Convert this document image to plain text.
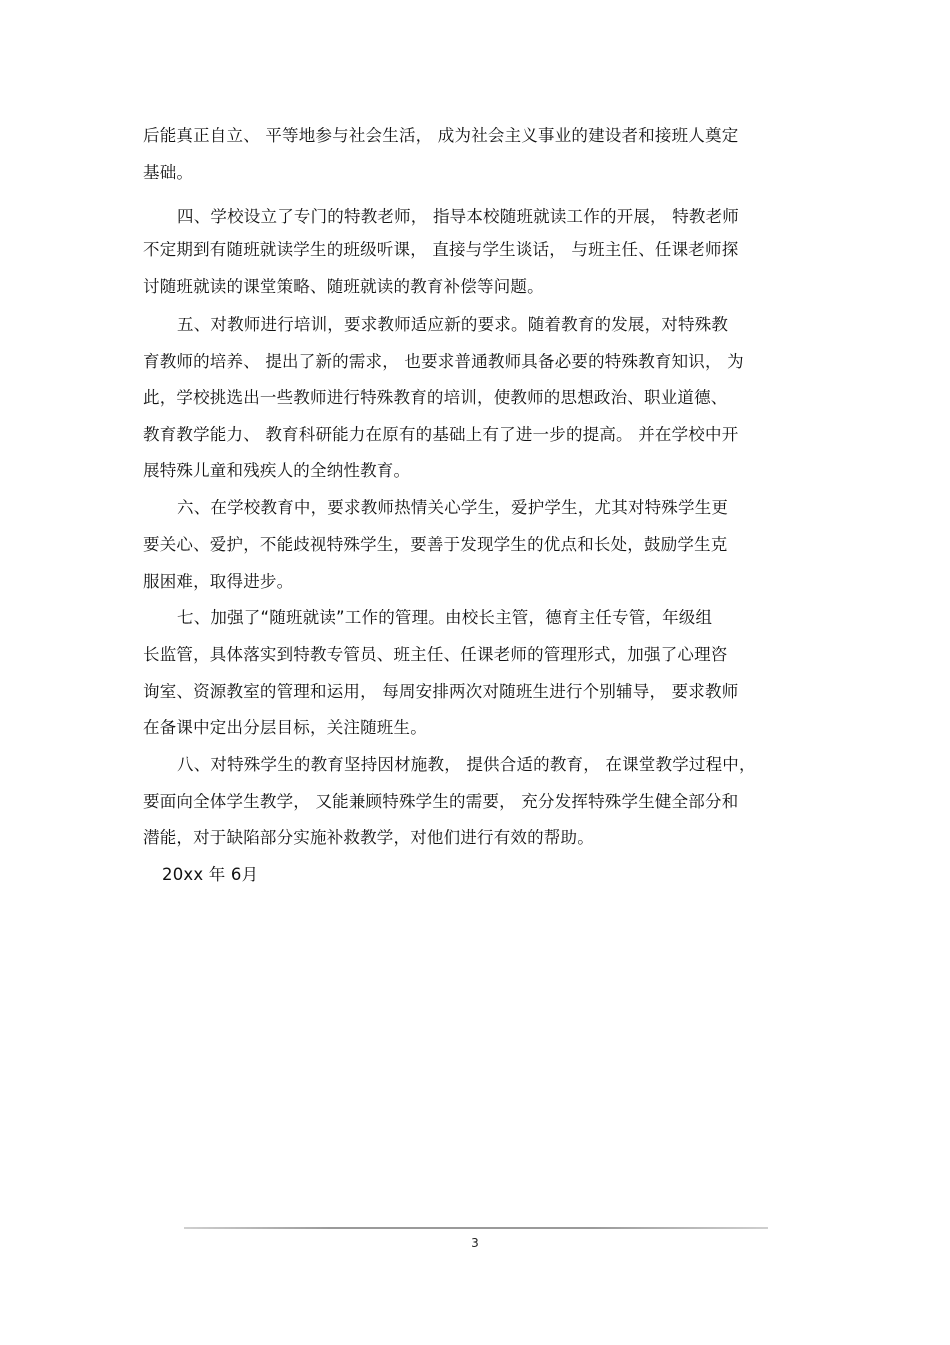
后能真正自立、 平等地参与社会生活， 成为社会主义事业的建设者和接班人奠定
基础。
四、学校设立了专门的特教老师， 指导本校随班就读工作的开展， 特教老师
不定期到有随班就读学生的班级听课， 直接与学生谈话， 与班主任、任课老师探
讨随班就读的课堂策略、随班就读的教育补偿等问题。
五、对教师进行培训，要求教师适应新的要求。随着教育的发展，对特殊教
育教师的培养、 提出了新的需求， 也要求普通教师具备必要的特殊教育知识， 为
此，学校挑选出一些教师进行特殊教育的培训，使教师的思想政治、职业道德、
教育教学能力、 教育科研能力在原有的基础上有了进一步的提高。 并在学校中开
展特殊儿童和残疾人的全纳性教育。
六、在学校教育中，要求教师热情关心学生，爱护学生，尤其对特殊学生更
要关心、爱护，不能歧视特殊学生，要善于发现学生的优点和长处，鼓励学生克
服困难，取得进步。
七、加强了“随班就读”工作的管理。由校长主管，德育主任专管，年级组
长监管，具体落实到特教专管员、班主任、任课老师的管理形式，加强了心理咨
询室、资源教室的管理和运用， 每周安排两次对随班生进行个别辅导， 要求教师
在备课中定出分层目标，关注随班生。
八、对特殊学生的教育坚持因材施教， 提供合适的教育， 在课堂教学过程中，
要面向全体学生教学， 又能兼顾特殊学生的需要， 充分发挥特殊学生健全部分和
潜能，对于缺陷部分实施补救教学，对他们进行有效的帮助。
20xx 年 6月
3
